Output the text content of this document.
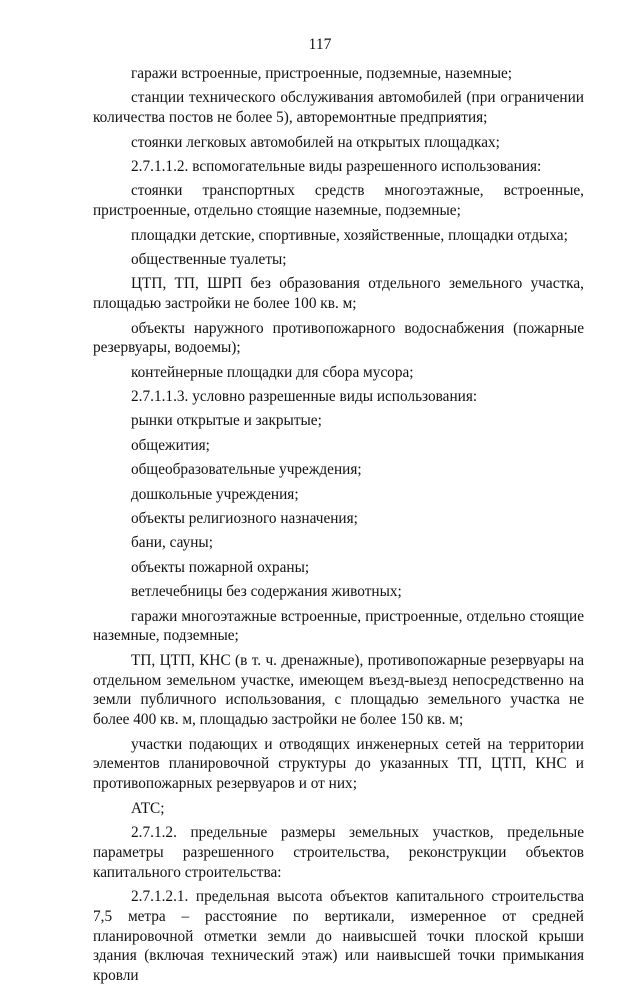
117

гаражи встроенные, пристроенные, подземные, наземные;

станции технического обслуживания автомобилей (при ограничении количества постов не более 5), авторемонтные предприятия;

стоянки легковых автомобилей на открытых площадках;

2.7.1.1.2. вспомогательные виды разрешенного использования:

стоянки транспортных средств многоэтажные, встроенные, пристроенные, отдельно стоящие наземные, подземные;

площадки детские, спортивные, хозяйственные, площадки отдыха;

общественные туалеты;

ЦТП, ТП, ШРП без образования отдельного земельного участка, площадью застройки не более 100 кв. м;

объекты наружного противопожарного водоснабжения (пожарные резервуары, водоемы);

контейнерные площадки для сбора мусора;

2.7.1.1.3. условно разрешенные виды использования:

рынки открытые и закрытые;

общежития;

общеобразовательные учреждения;

дошкольные учреждения;

объекты религиозного назначения;

бани, сауны;

объекты пожарной охраны;

ветлечебницы без содержания животных;

гаражи многоэтажные встроенные, пристроенные, отдельно стоящие наземные, подземные;

ТП, ЦТП, КНС (в т. ч. дренажные), противопожарные резервуары на отдельном земельном участке, имеющем въезд-выезд непосредственно на земли публичного использования, с площадью земельного участка не более 400 кв. м, площадью застройки не более 150 кв. м;

участки подающих и отводящих инженерных сетей на территории элементов планировочной структуры до указанных ТП, ЦТП, КНС и противопожарных резервуаров и от них;

АТС;

2.7.1.2. предельные размеры земельных участков, предельные параметры разрешенного строительства, реконструкции объектов капитального строительства:

2.7.1.2.1. предельная высота объектов капитального строительства 7,5 метра – расстояние по вертикали, измеренное от средней планировочной отметки земли до наивысшей точки плоской крыши здания (включая технический этаж) или наивысшей точки примыкания кровли
